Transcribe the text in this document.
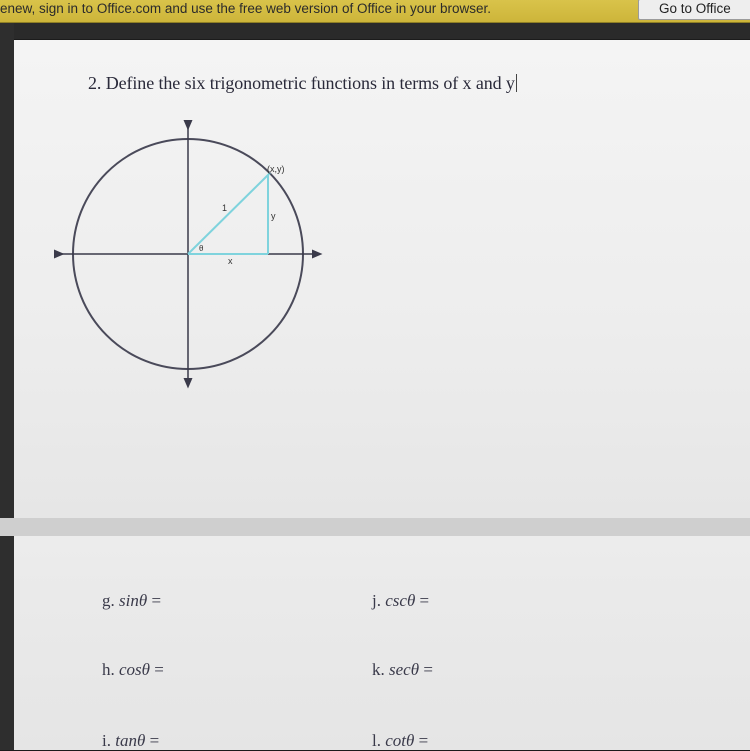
enew, sign in to Office.com and use the free web version of Office in your browser.	Go to Office
2. Define the six trigonometric functions in terms of x and y
(x,y)
1
y
x
θ
g. sinθ =
h. cosθ =
i. tanθ =
j. cscθ =
k. secθ =
l. cotθ =
